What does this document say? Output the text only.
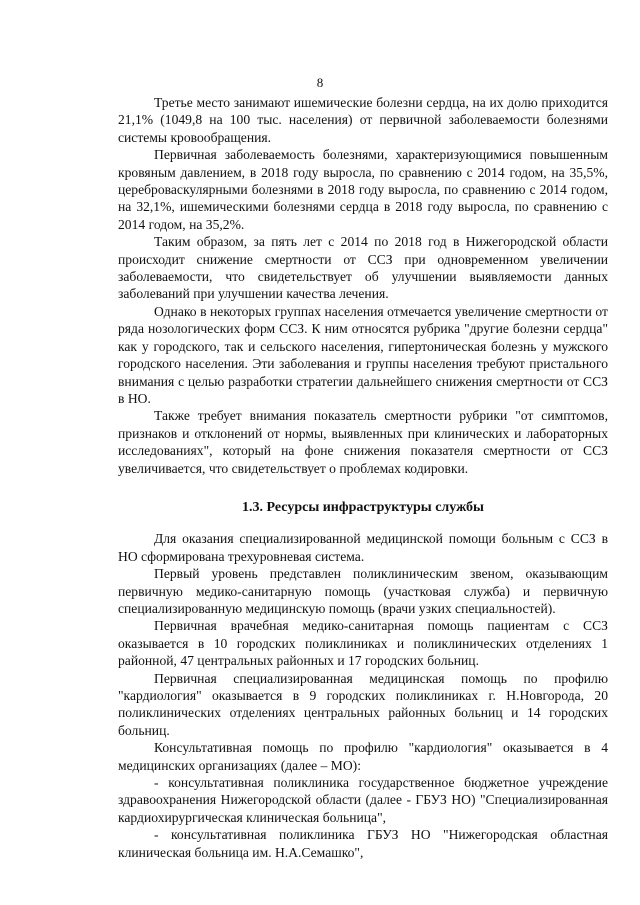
8

Третье место занимают ишемические болезни сердца, на их долю приходится 21,1% (1049,8 на 100 тыс. населения) от первичной заболеваемости болезнями системы кровообращения.

Первичная заболеваемость болезнями, характеризующимися повышенным кровяным давлением, в 2018 году выросла, по сравнению с 2014 годом, на 35,5%, цереброваскулярными болезнями в 2018 году выросла, по сравнению с 2014 годом, на 32,1%, ишемическими болезнями сердца в 2018 году выросла, по сравнению с 2014 годом, на 35,2%.

Таким образом, за пять лет с 2014 по 2018 год в Нижегородской области происходит снижение смертности от ССЗ при одновременном увеличении заболеваемости, что свидетельствует об улучшении выявляемости данных заболеваний при улучшении качества лечения.

Однако в некоторых группах населения отмечается увеличение смертности от ряда нозологических форм ССЗ. К ним относятся рубрика "другие болезни сердца" как у городского, так и сельского населения, гипертоническая болезнь у мужского городского населения. Эти заболевания и группы населения требуют пристального внимания с целью разработки стратегии дальнейшего снижения смертности от ССЗ в НО.

Также требует внимания показатель смертности рубрики "от симптомов, признаков и отклонений от нормы, выявленных при клинических и лабораторных исследованиях", который на фоне снижения показателя смертности от ССЗ увеличивается, что свидетельствует о проблемах кодировки.

1.3. Ресурсы инфраструктуры службы

Для оказания специализированной медицинской помощи больным с ССЗ в НО сформирована трехуровневая система.

Первый уровень представлен поликлиническим звеном, оказывающим первичную медико-санитарную помощь (участковая служба) и первичную специализированную медицинскую помощь (врачи узких специальностей).

Первичная врачебная медико-санитарная помощь пациентам с ССЗ оказывается в 10 городских поликлиниках и поликлинических отделениях 1 районной, 47 центральных районных и 17 городских больниц.

Первичная специализированная медицинская помощь по профилю "кардиология" оказывается в 9 городских поликлиниках г. Н.Новгорода, 20 поликлинических отделениях центральных районных больниц и 14 городских больниц.

Консультативная помощь по профилю "кардиология" оказывается в 4 медицинских организациях (далее – МО):

- консультативная поликлиника государственное бюджетное учреждение здравоохранения Нижегородской области (далее - ГБУЗ НО) "Специализированная кардиохирургическая клиническая больница",

- консультативная поликлиника ГБУЗ НО "Нижегородская областная клиническая больница им. Н.А.Семашко",
